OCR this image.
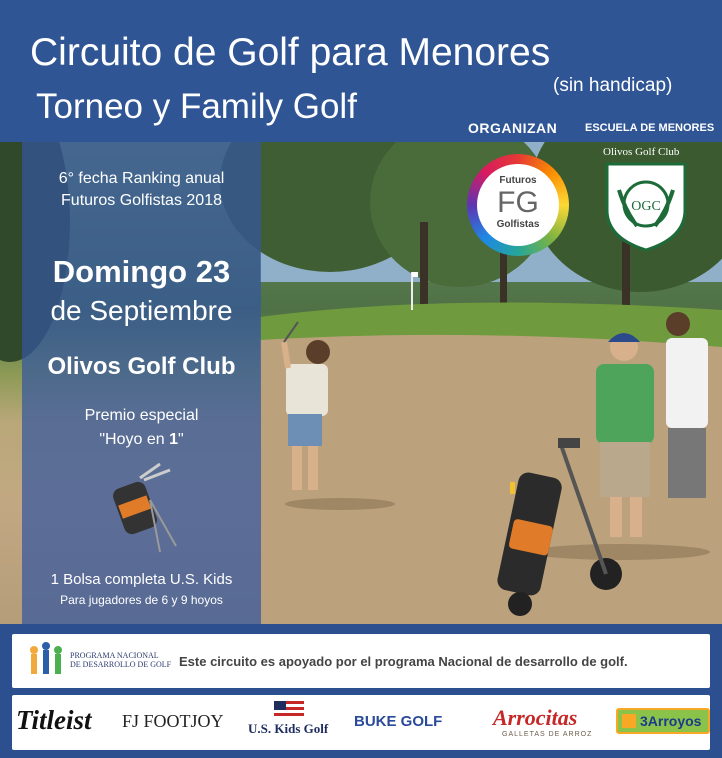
Circuito de Golf para Menores
Torneo y Family Golf
(sin handicap)
ORGANIZAN	ESCUELA DE MENORES
6° fecha Ranking anual
Futuros Golfistas 2018
Domingo 23
de Septiembre
Olivos Golf Club
Premio especial
"Hoyo en 1"
1 Bolsa completa U.S. Kids
Para jugadores de 6 y 9 hoyos
Futuros
FG
Golfistas
Olivos Golf Club
OGC
PROGRAMA NACIONAL
DE DESARROLLO DE GOLF Este circuito es apoyado por el programa Nacional de desarrollo de golf.
Titleist FJ FOOTJOY U.S. Kids Golf BUKE GOLF Arrocitas
GALLETAS DE ARROZ
3Arroyos
